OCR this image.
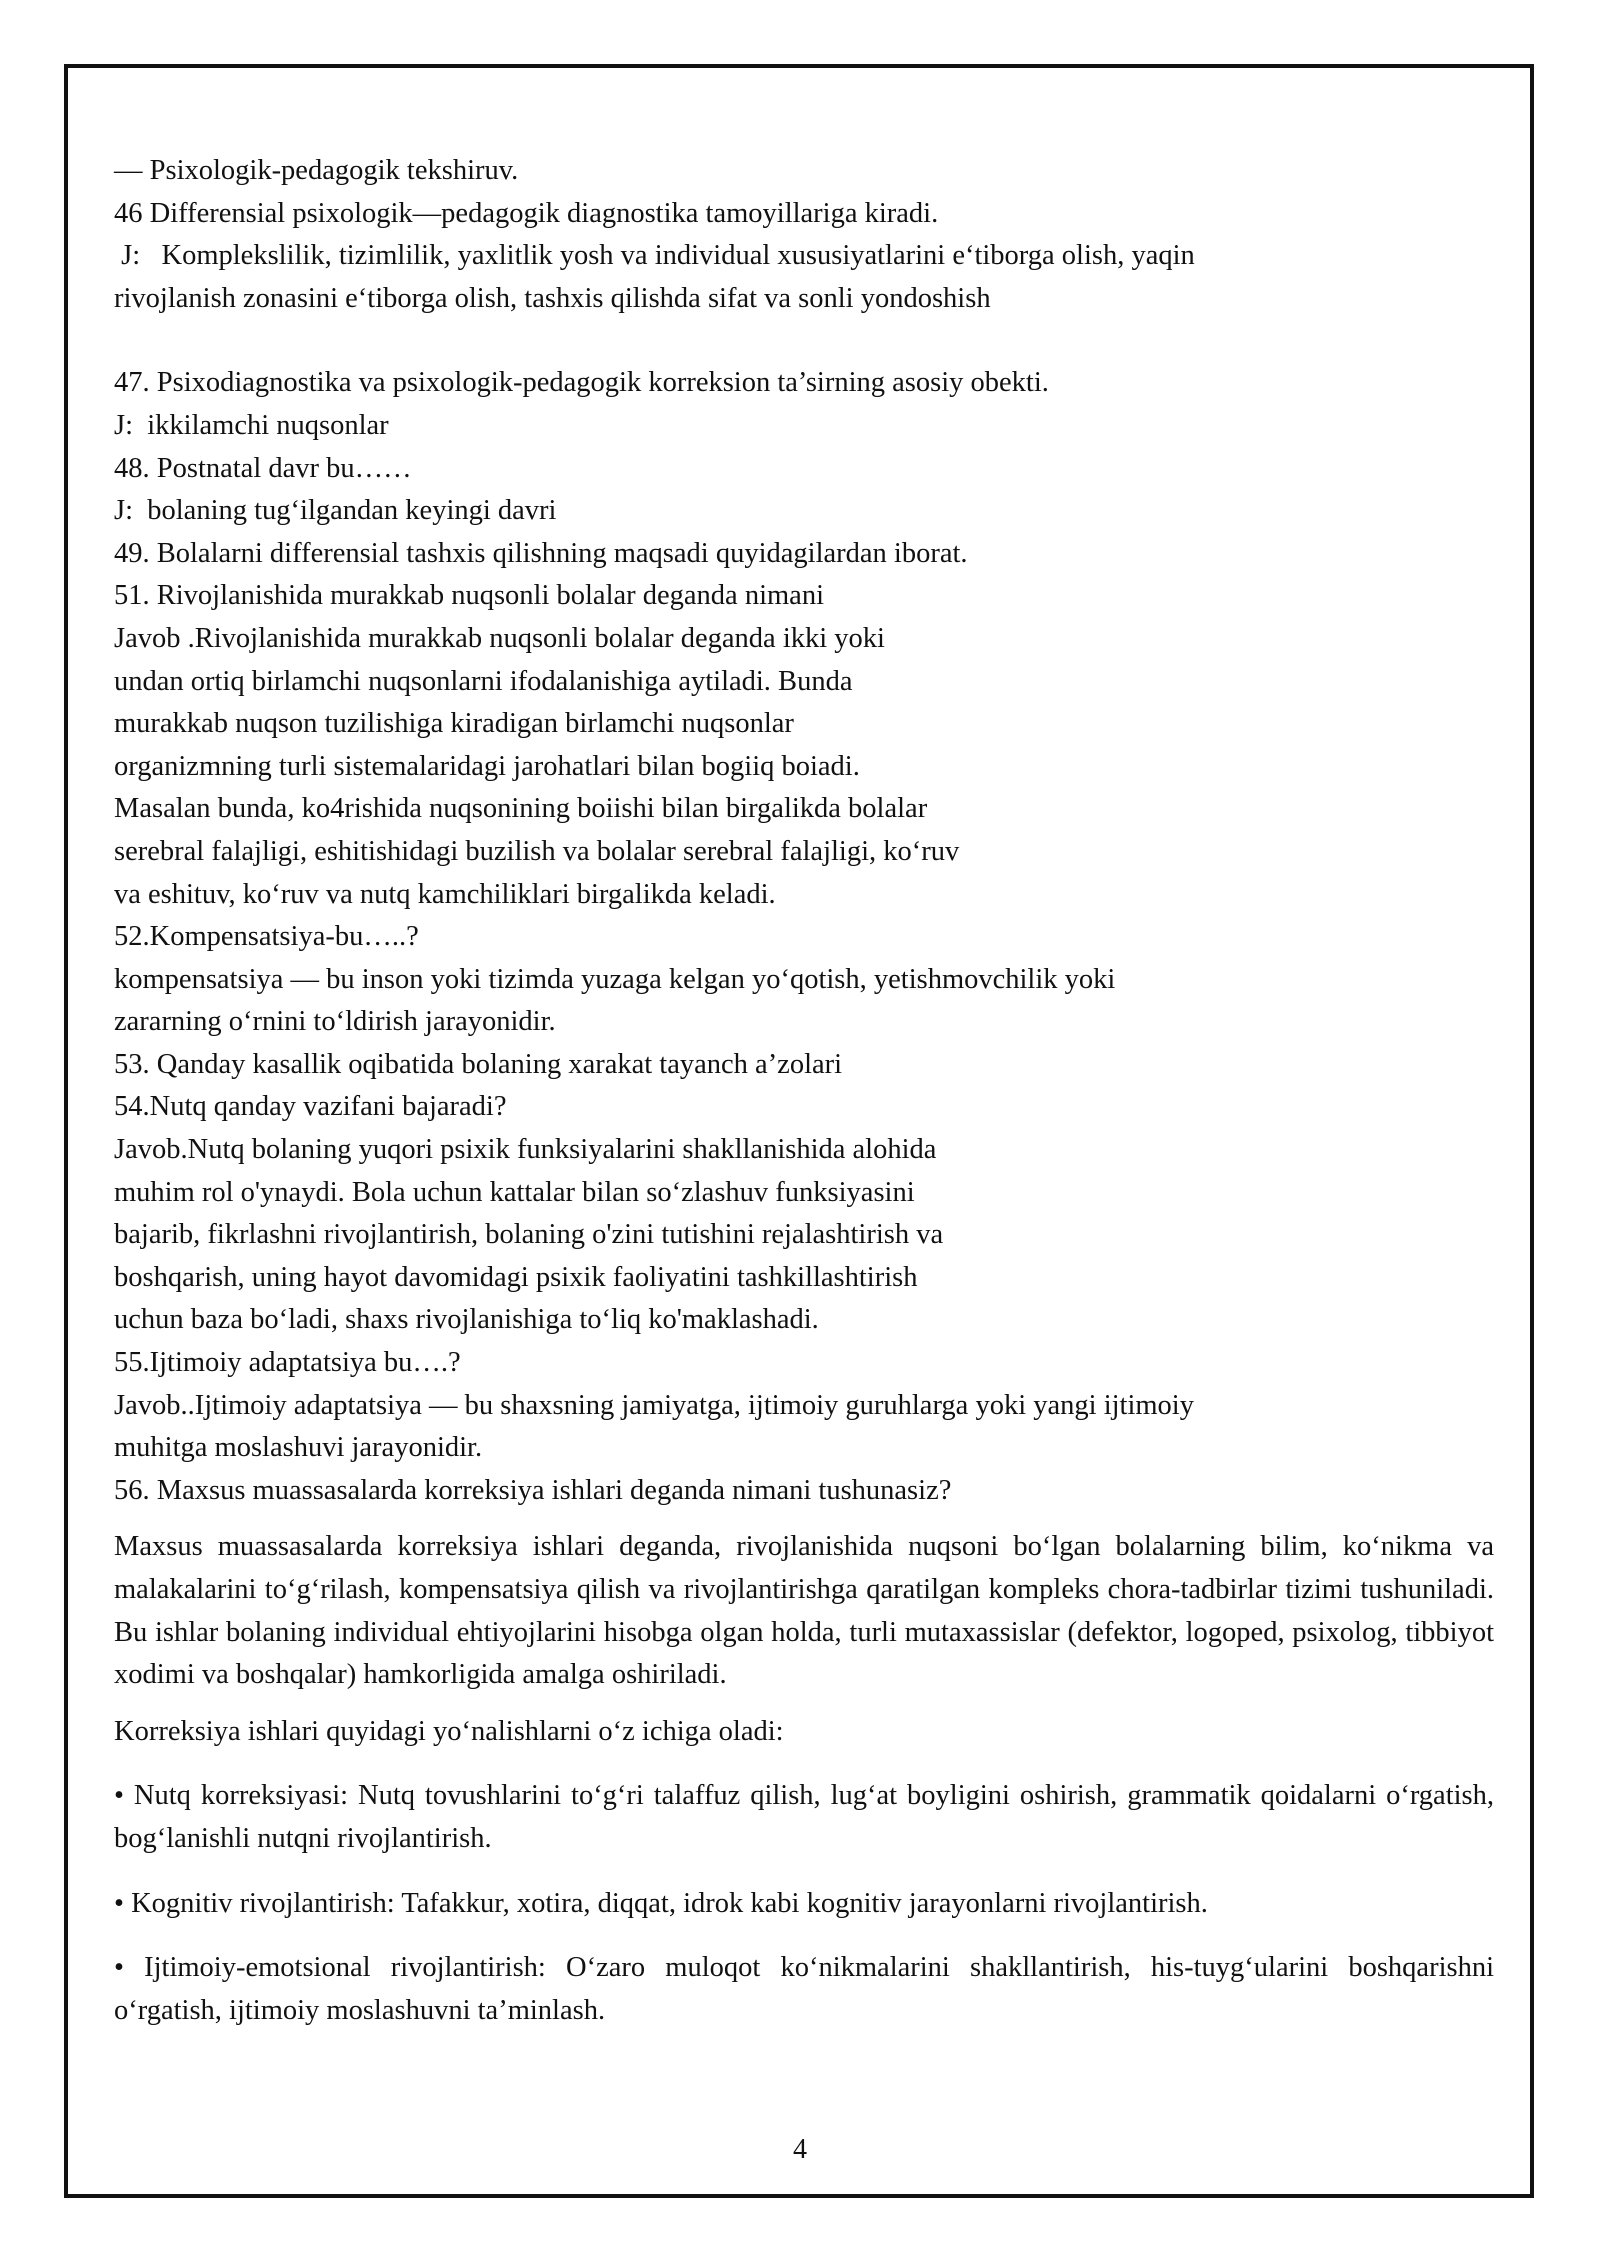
— Psixologik-pedagogik tekshiruv.
46 Differensial psixologik—pedagogik diagnostika tamoyillariga kiradi.
J:   Komplekslilik, tizimlilik, yaxlitlik yosh va individual xususiyatlarini e‘tiborga olish, yaqin
rivojlanish zonasini e‘tiborga olish, tashxis qilishda sifat va sonli yondoshish
47. Psixodiagnostika va psixologik-pedagogik korreksion ta’sirning asosiy obekti.
J:  ikkilamchi nuqsonlar
48. Postnatal davr bu……
J:  bolaning tug‘ilgandan keyingi davri
49. Bolalarni differensial tashxis qilishning maqsadi quyidagilardan iborat.
51. Rivojlanishida murakkab nuqsonli bolalar deganda nimani
Javob .Rivojlanishida murakkab nuqsonli bolalar deganda ikki yoki
undan ortiq birlamchi nuqsonlarni ifodalanishiga aytiladi. Bunda
murakkab nuqson tuzilishiga kiradigan birlamchi nuqsonlar
organizmning turli sistemalaridagi jarohatlari bilan bogiiq boiadi.
Masalan bunda, ko4rishida nuqsonining boiishi bilan birgalikda bolalar
serebral falajligi, eshitishidagi buzilish va bolalar serebral falajligi, ko‘ruv
va eshituv, ko‘ruv va nutq kamchiliklari birgalikda keladi.
52.Kompensatsiya-bu…..?
kompensatsiya — bu inson yoki tizimda yuzaga kelgan yo‘qotish, yetishmovchilik yoki
zararning o‘rnini to‘ldirish jarayonidir.
53. Qanday kasallik oqibatida bolaning xarakat tayanch a’zolari
54.Nutq qanday vazifani bajaradi?
Javob.Nutq bolaning yuqori psixik funksiyalarini shakllanishida alohida
muhim rol o'ynaydi. Bola uchun kattalar bilan so‘zlashuv funksiyasini
bajarib, fikrlashni rivojlantirish, bolaning o'zini tutishini rejalashtirish va
boshqarish, uning hayot davomidagi psixik faoliyatini tashkillashtirish
uchun baza bo‘ladi, shaxs rivojlanishiga to‘liq ko'maklashadi.
55.Ijtimoiy adaptatsiya bu….?
Javob..Ijtimoiy adaptatsiya — bu shaxsning jamiyatga, ijtimoiy guruhlarga yoki yangi ijtimoiy
muhitga moslashuvi jarayonidir.
56. Maxsus muassasalarda korreksiya ishlari deganda nimani tushunasiz?

Maxsus muassasalarda korreksiya ishlari deganda, rivojlanishida nuqsoni bo‘lgan bolalarning bilim, ko‘nikma va malakalarini to‘g‘rilash, kompensatsiya qilish va rivojlantirishga qaratilgan kompleks chora-tadbirlar tizimi tushuniladi. Bu ishlar bolaning individual ehtiyojlarini hisobga olgan holda, turli mutaxassislar (defektor, logoped, psixolog, tibbiyot xodimi va boshqalar) hamkorligida amalga oshiriladi.

Korreksiya ishlari quyidagi yo‘nalishlarni o‘z ichiga oladi:

• Nutq korreksiyasi: Nutq tovushlarini to‘g‘ri talaffuz qilish, lug‘at boyligini oshirish, grammatik qoidalarni o‘rgatish, bog‘lanishli nutqni rivojlantirish.

• Kognitiv rivojlantirish: Tafakkur, xotira, diqqat, idrok kabi kognitiv jarayonlarni rivojlantirish.

• Ijtimoiy-emotsional rivojlantirish: O‘zaro muloqot ko‘nikmalarini shakllantirish, his-tuyg‘ularini boshqarishni o‘rgatish, ijtimoiy moslashuvni ta’minlash.

4
